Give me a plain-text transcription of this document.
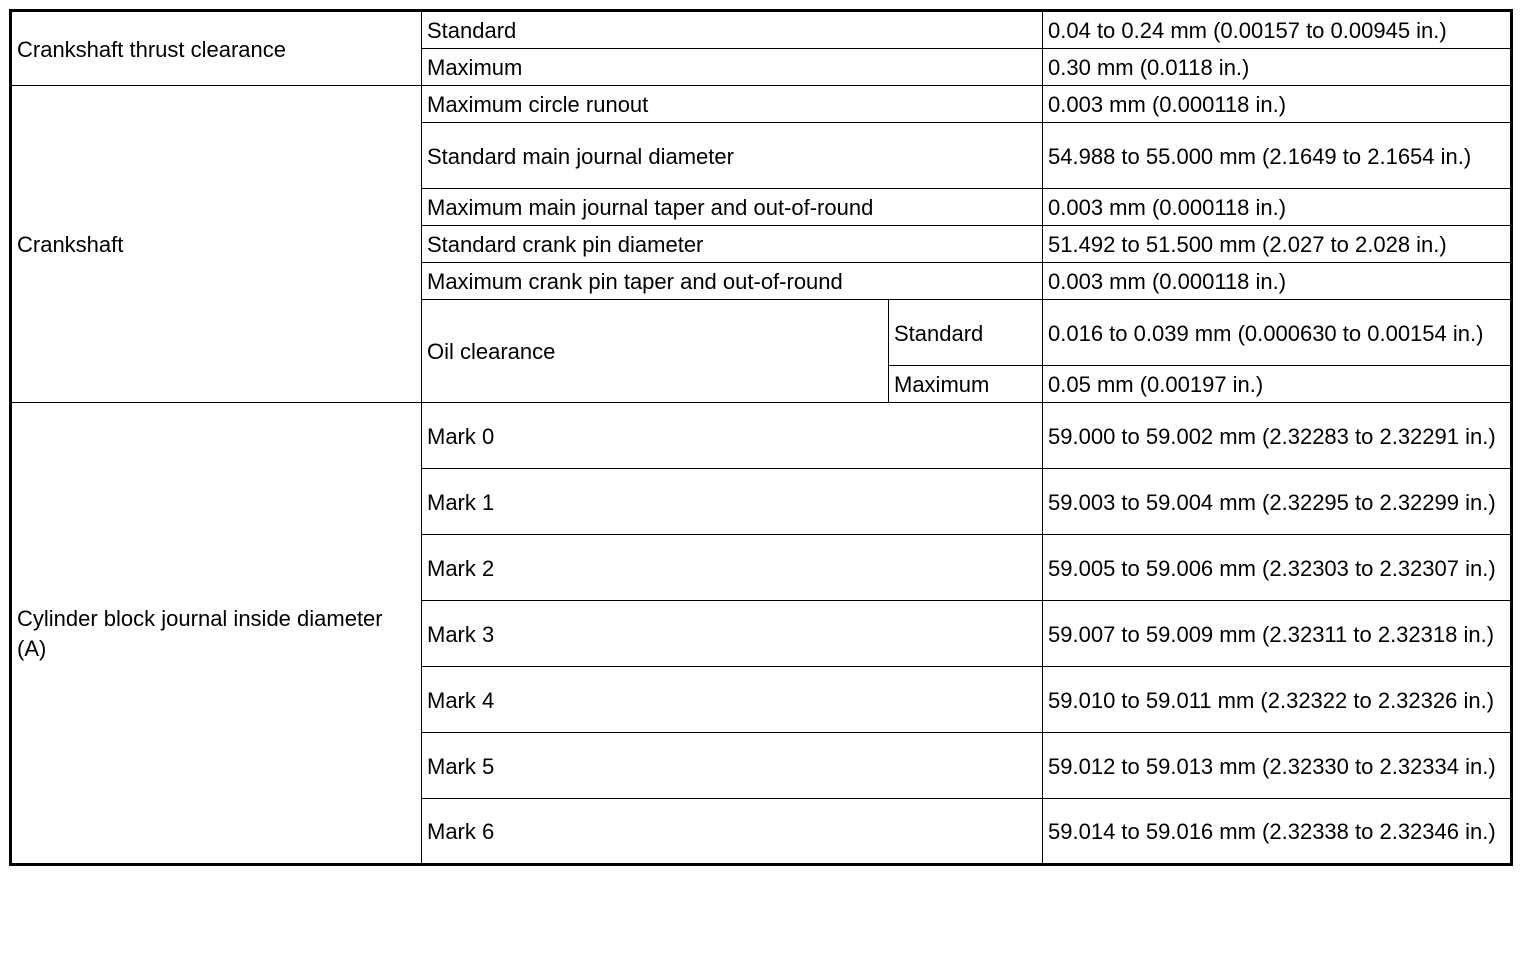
Crankshaft thrust clearance	Standard		0.04 to 0.24 mm (0.00157 to 0.00945 in.)
	Maximum		0.30 mm (0.0118 in.)
Crankshaft	Maximum circle runout		0.003 mm (0.000118 in.)
	Standard main journal diameter		54.988 to 55.000 mm (2.1649 to 2.1654 in.)
	Maximum main journal taper and out-of-round		0.003 mm (0.000118 in.)
	Standard crank pin diameter		51.492 to 51.500 mm (2.027 to 2.028 in.)
	Maximum crank pin taper and out-of-round		0.003 mm (0.000118 in.)
	Oil clearance	Standard	0.016 to 0.039 mm (0.000630 to 0.00154 in.)
		Maximum	0.05 mm (0.00197 in.)
Cylinder block journal inside diameter (A)	Mark 0		59.000 to 59.002 mm (2.32283 to 2.32291 in.)
	Mark 1		59.003 to 59.004 mm (2.32295 to 2.32299 in.)
	Mark 2		59.005 to 59.006 mm (2.32303 to 2.32307 in.)
	Mark 3		59.007 to 59.009 mm (2.32311 to 2.32318 in.)
	Mark 4		59.010 to 59.011 mm (2.32322 to 2.32326 in.)
	Mark 5		59.012 to 59.013 mm (2.32330 to 2.32334 in.)
	Mark 6		59.014 to 59.016 mm (2.32338 to 2.32346 in.)
